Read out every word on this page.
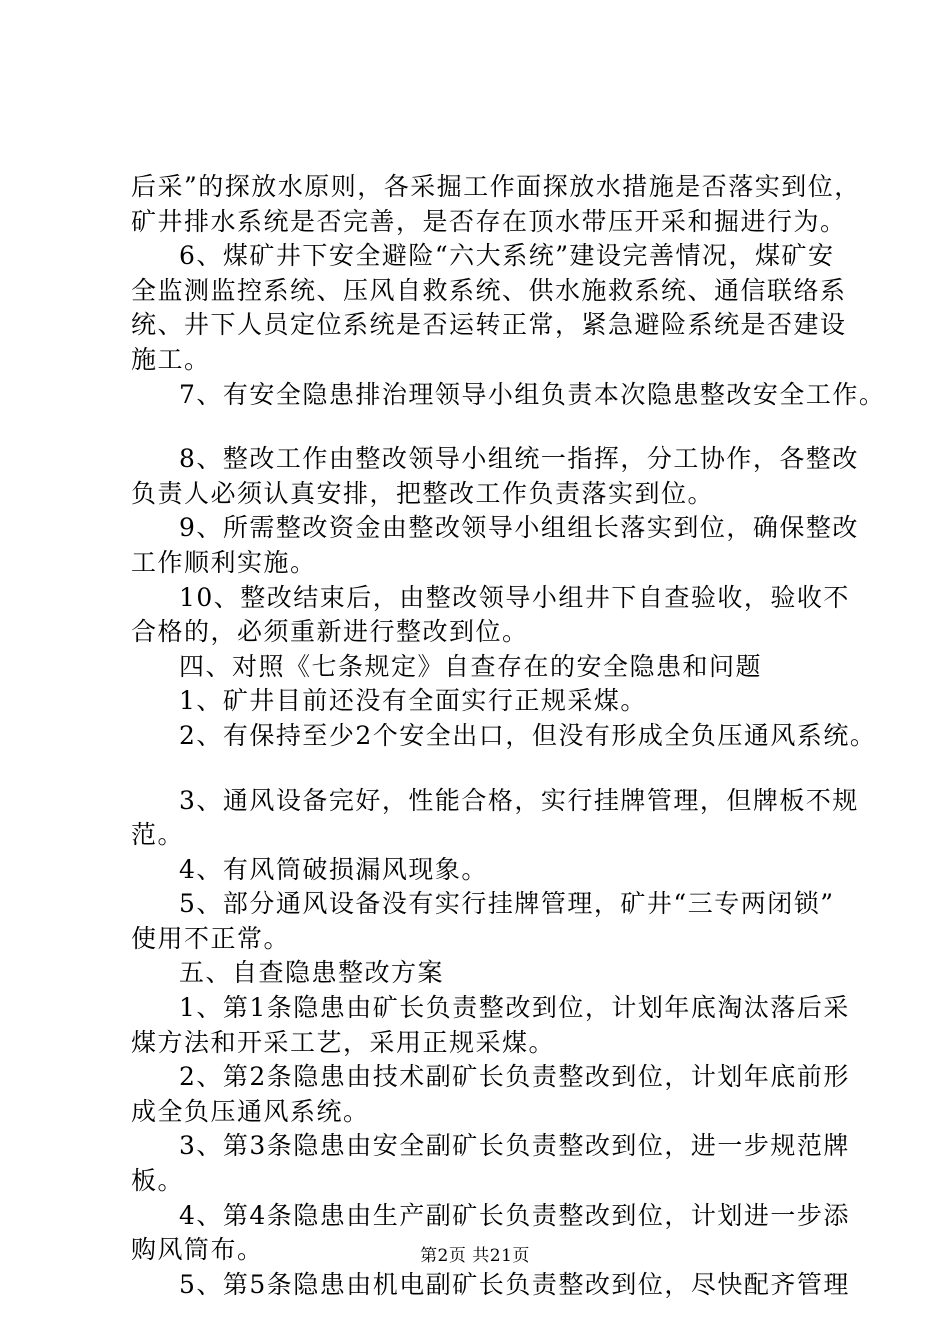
后采”的探放水原则，各采掘工作面探放水措施是否落实到位，
矿井排水系统是否完善，是否存在顶水带压开采和掘进行为。
6、煤矿井下安全避险“六大系统”建设完善情况，煤矿安
全监测监控系统、压风自救系统、供水施救系统、通信联络系
统、井下人员定位系统是否运转正常，紧急避险系统是否建设
施工。
7、有安全隐患排治理领导小组负责本次隐患整改安全工作。
8、整改工作由整改领导小组统一指挥，分工协作，各整改
负责人必须认真安排，把整改工作负责落实到位。
9、所需整改资金由整改领导小组组长落实到位，确保整改
工作顺利实施。
10、整改结束后，由整改领导小组井下自查验收，验收不
合格的，必须重新进行整改到位。
四、对照《七条规定》自查存在的安全隐患和问题
1、矿井目前还没有全面实行正规采煤。
2、有保持至少2个安全出口，但没有形成全负压通风系统。
3、通风设备完好，性能合格，实行挂牌管理，但牌板不规
范。
4、有风筒破损漏风现象。
5、部分通风设备没有实行挂牌管理，矿井“三专两闭锁”
使用不正常。
五、自查隐患整改方案
1、第1条隐患由矿长负责整改到位，计划年底淘汰落后采
煤方法和开采工艺，采用正规采煤。
2、第2条隐患由技术副矿长负责整改到位，计划年底前形
成全负压通风系统。
3、第3条隐患由安全副矿长负责整改到位，进一步规范牌
板。
4、第4条隐患由生产副矿长负责整改到位，计划进一步添
购风筒布。
5、第5条隐患由机电副矿长负责整改到位，尽快配齐管理
第2页 共21页
